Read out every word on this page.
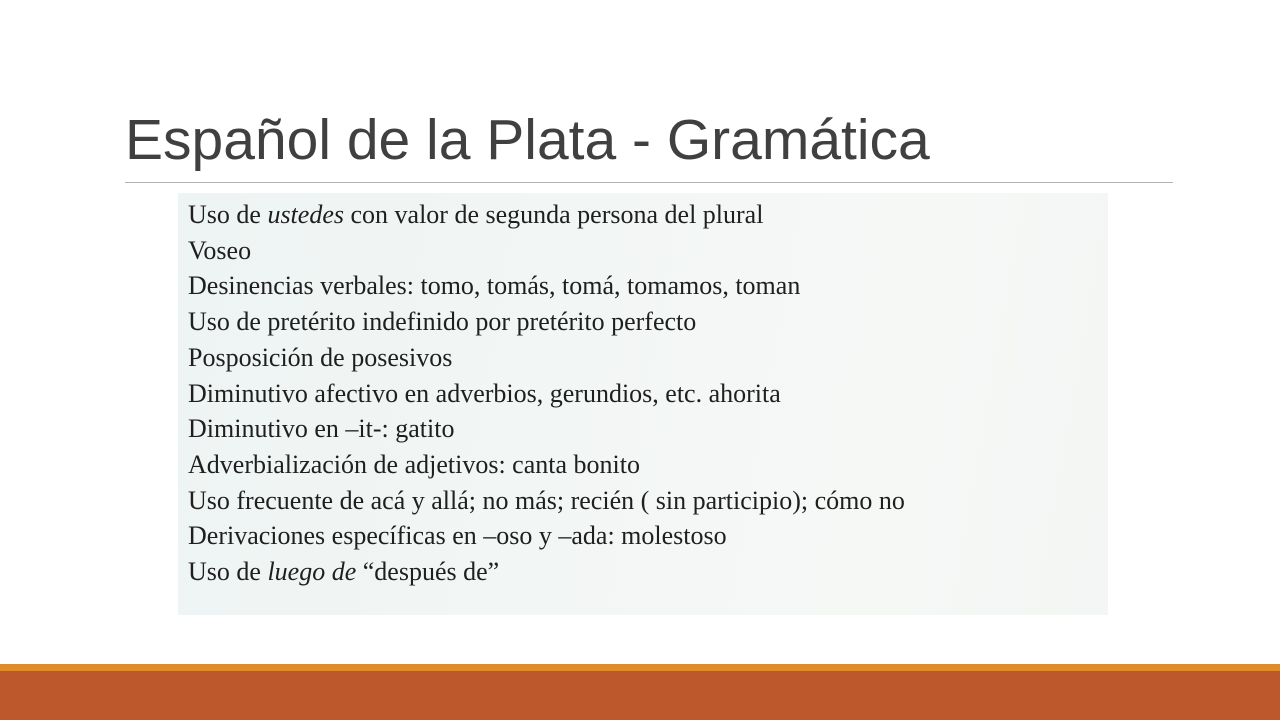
Español de la Plata - Gramática
Uso de ustedes con valor de segunda persona del plural
Voseo
Desinencias verbales: tomo, tomás, tomá, tomamos, toman
Uso de pretérito indefinido por pretérito perfecto
Posposición de posesivos
Diminutivo afectivo en adverbios, gerundios, etc. ahorita
Diminutivo en –it-: gatito
Adverbialización de adjetivos: canta bonito
Uso frecuente de acá y allá; no más; recién ( sin participio); cómo no
Derivaciones específicas en –oso y –ada: molestoso
Uso de luego de “después de”
